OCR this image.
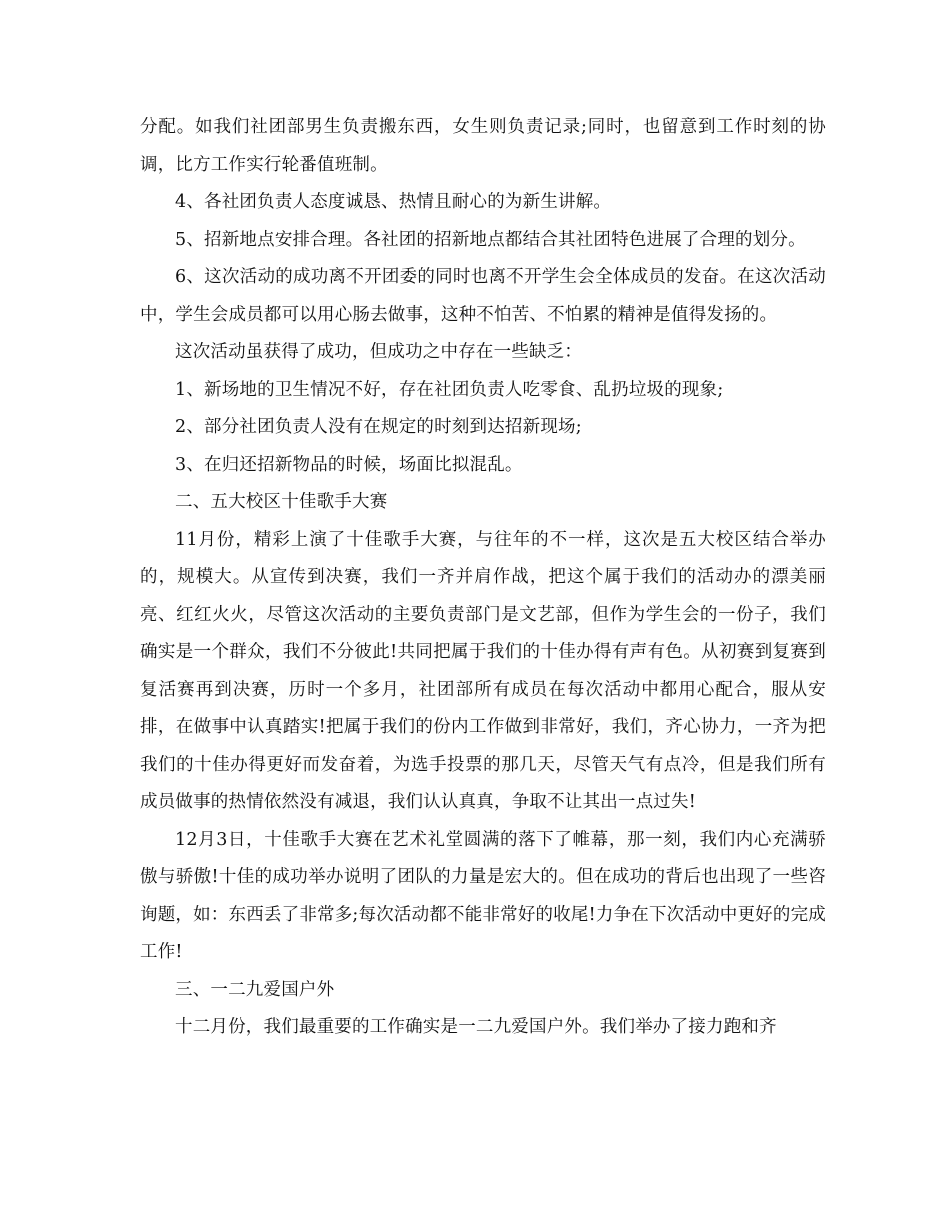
分配。如我们社团部男生负责搬东西，女生则负责记录;同时，也留意到工作时刻的协调，比方工作实行轮番值班制。

4、各社团负责人态度诚恳、热情且耐心的为新生讲解。

5、招新地点安排合理。各社团的招新地点都结合其社团特色进展了合理的划分。

6、这次活动的成功离不开团委的同时也离不开学生会全体成员的发奋。在这次活动中，学生会成员都可以用心肠去做事，这种不怕苦、不怕累的精神是值得发扬的。

这次活动虽获得了成功，但成功之中存在一些缺乏：

1、新场地的卫生情况不好，存在社团负责人吃零食、乱扔垃圾的现象;

2、部分社团负责人没有在规定的时刻到达招新现场;

3、在归还招新物品的时候，场面比拟混乱。

二、五大校区十佳歌手大赛

11月份，精彩上演了十佳歌手大赛，与往年的不一样，这次是五大校区结合举办的，规模大。从宣传到决赛，我们一齐并肩作战，把这个属于我们的活动办的漂美丽亮、红红火火，尽管这次活动的主要负责部门是文艺部，但作为学生会的一份子，我们确实是一个群众，我们不分彼此!共同把属于我们的十佳办得有声有色。从初赛到复赛到复活赛再到决赛，历时一个多月，社团部所有成员在每次活动中都用心配合，服从安排，在做事中认真踏实!把属于我们的份内工作做到非常好，我们，齐心协力，一齐为把我们的十佳办得更好而发奋着，为选手投票的那几天，尽管天气有点冷，但是我们所有成员做事的热情依然没有减退，我们认认真真，争取不让其出一点过失!

12月3日，十佳歌手大赛在艺术礼堂圆满的落下了帷幕，那一刻，我们内心充满骄傲与骄傲!十佳的成功举办说明了团队的力量是宏大的。但在成功的背后也出现了一些咨询题，如：东西丢了非常多;每次活动都不能非常好的收尾!力争在下次活动中更好的完成工作!

三、一二九爱国户外

十二月份，我们最重要的工作确实是一二九爱国户外。我们举办了接力跑和齐
